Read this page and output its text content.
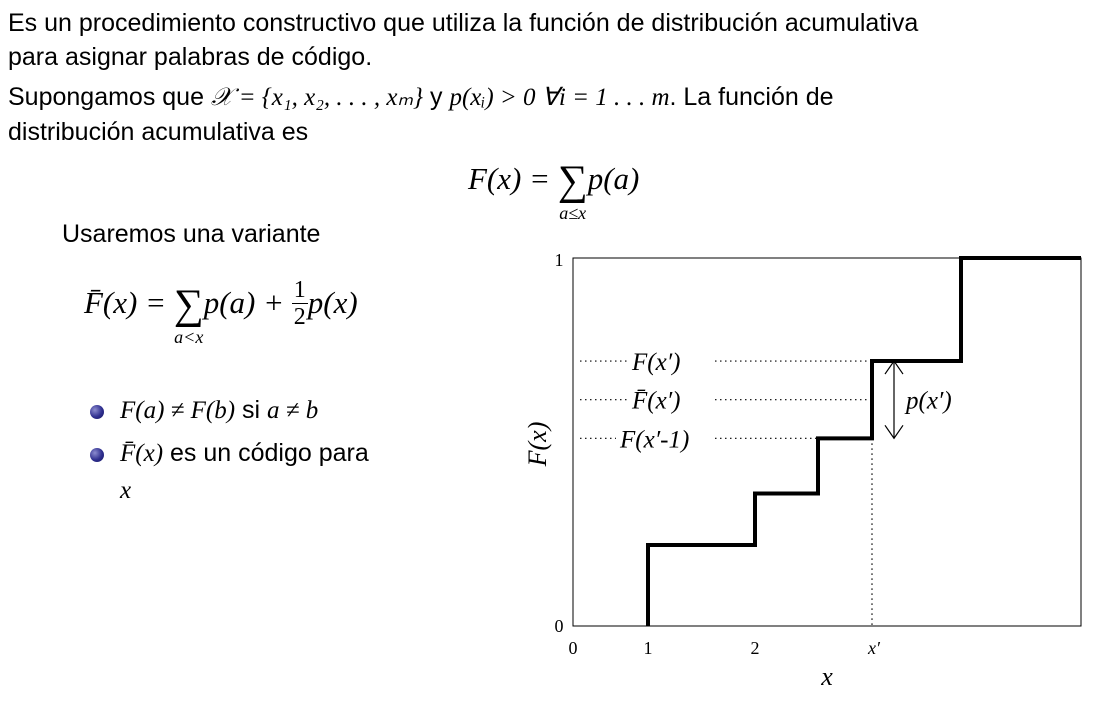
Es un procedimiento constructivo que utiliza la función de distribución acumulativa
para asignar palabras de código.

Supongamos que 𝒳 = {x₁, x₂, . . . , xₘ} y p(xᵢ) > 0 ∀i = 1 . . . m. La función de
distribución acumulativa es

F(x) = ∑
a≤x
p(a)
Usaremos una variante
F̄(x) = ∑
a<x
$p(a) + \frac{1}{2} p(x)$
F(a) ≠ F(b) si a ≠ b
F̄(x) es un código para
x
1
0
0	1	2	x′
x
F(x)
F(x′)
F̄(x′)
F(x′-1)
p(x′)
